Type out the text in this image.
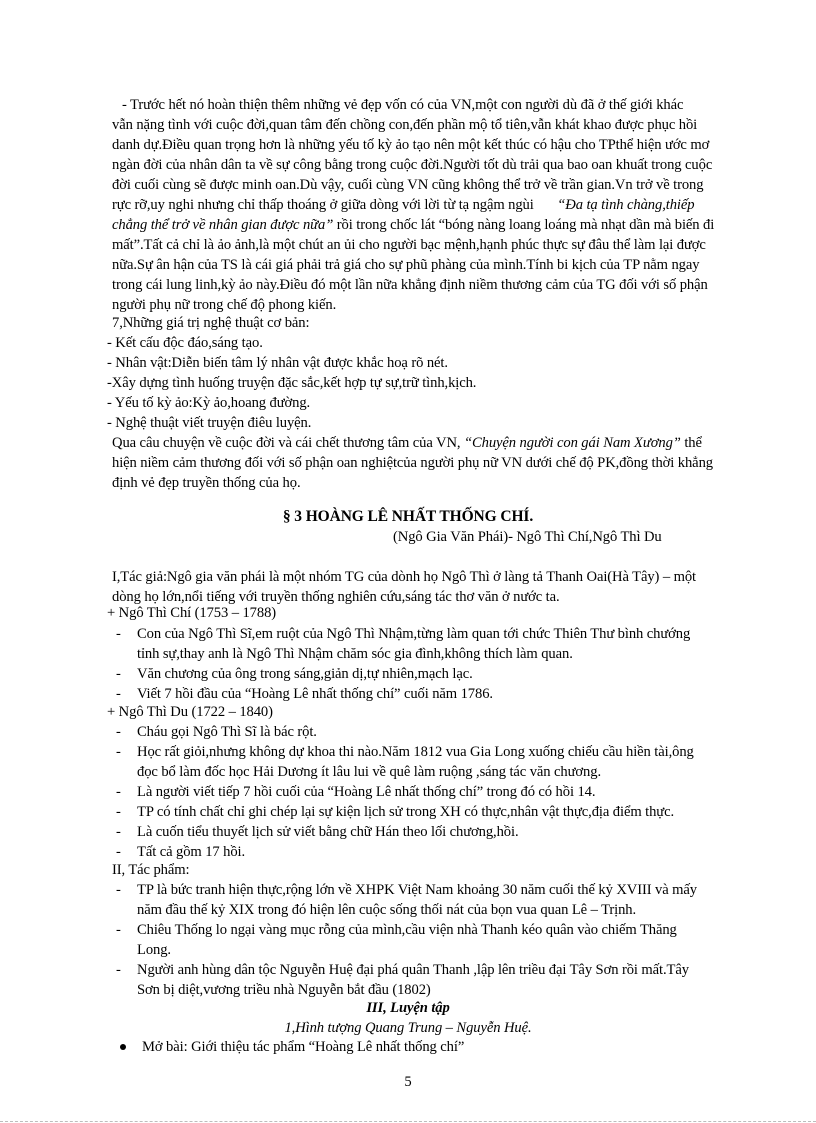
- Trước hết nó hoàn thiện thêm những vẻ đẹp vốn có của VN,một con người dù đã ở thế giới khác
vẫn nặng tình với cuộc đời,quan tâm đến chồng con,đến phần mộ tổ tiên,vẫn khát khao được phục hồi
danh dự.Điều quan trọng hơn là những yếu tố kỳ ảo tạo nên một kết thúc có hậu cho TPthể hiện ước mơ
ngàn đời của nhân dân ta về sự công bằng trong cuộc đời.Người tốt dù trải qua bao oan khuất trong cuộc
đời cuối cùng sẽ được minh oan.Dù vậy, cuối cùng VN cũng không thể trở về trần gian.Vn trở về trong
rực rỡ,uy nghi nhưng chỉ thấp thoáng ở giữa dòng với lời từ tạ ngậm ngùi “Đa tạ tình chàng,thiếp
chẳng thể trở về nhân gian được nữa” rồi trong chốc lát “bóng nàng loang loáng mà nhạt dần mà biến đi
mất”.Tất cả chỉ là ảo ảnh,là một chút an ủi cho người bạc mệnh,hạnh phúc thực sự đâu thể làm lại được
nữa.Sự ân hận của TS là cái giá phải trả giá cho sự phũ phàng của mình.Tính bi kịch của TP nằm ngay
trong cái lung linh,kỳ ảo này.Điều đó một lần nữa khẳng định niềm thương cảm của TG đối với số phận
người phụ nữ trong chế độ phong kiến.
7,Những giá trị nghệ thuật cơ bản:
- Kết cấu độc đáo,sáng tạo.
- Nhân vật:Diễn biến tâm lý nhân vật được khắc hoạ rõ nét.
-Xây dựng tình huống truyện đặc sắc,kết hợp tự sự,trữ tình,kịch.
- Yếu tố kỳ ảo:Kỳ ảo,hoang đường.
- Nghệ thuật viết truyện điêu luyện.
Qua câu chuyện về cuộc đời và cái chết thương tâm của VN, “Chuyện người con gái Nam Xương” thể
hiện niềm cảm thương đối với số phận oan nghiệtcủa người phụ nữ VN dưới chế độ PK,đồng thời khẳng
định vẻ đẹp truyền thống của họ.
§ 3 HOÀNG LÊ NHẤT THỐNG CHÍ.
(Ngô Gia Văn Phái)- Ngô Thì Chí,Ngô Thì Du
I,Tác giả:Ngô gia văn phái là một nhóm TG của dònh họ Ngô Thì ở làng tả Thanh Oai(Hà Tây) – một
dòng họ lớn,nổi tiếng với truyền thống nghiên cứu,sáng tác thơ văn ở nước ta.
+ Ngô Thì Chí (1753 – 1788)
- Con của Ngô Thì Sĩ,em ruột của Ngô Thì Nhậm,từng làm quan tới chức Thiên Thư bình chướng
tỉnh sự,thay anh là Ngô Thì Nhậm chăm sóc gia đình,không thích làm quan.
- Văn chương của ông trong sáng,giản dị,tự nhiên,mạch lạc.
- Viết 7 hồi đầu của “Hoàng Lê nhất thống chí” cuối năm 1786.
+ Ngô Thì Du (1722 – 1840)
- Cháu gọi Ngô Thì Sĩ là bác rột.
- Học rất giỏi,nhưng không dự khoa thi nào.Năm 1812 vua Gia Long xuống chiếu cầu hiền tài,ông
đọc bổ làm đốc học Hải Dương ít lâu lui về quê làm ruộng ,sáng tác văn chương.
- Là người viết tiếp 7 hồi cuối của “Hoàng Lê nhất thống chí” trong đó có hồi 14.
- TP có tính chất chỉ ghi chép lại sự kiện lịch sử trong XH có thực,nhân vật thực,địa điểm thực.
- Là cuốn tiểu thuyết lịch sử viết bằng chữ Hán theo lối chương,hồi.
- Tất cả gồm 17 hồi.
II, Tác phẩm:
- TP là bức tranh hiện thực,rộng lớn về XHPK Việt Nam khoảng 30 năm cuối thế kỷ XVIII và mấy
năm đầu thế kỷ XIX trong đó hiện lên cuộc sống thối nát của bọn vua quan Lê – Trịnh.
- Chiêu Thống lo ngại vàng mục rỗng của mình,cầu viện nhà Thanh kéo quân vào chiếm Thăng
Long.
- Người anh hùng dân tộc Nguyễn Huệ đại phá quân Thanh ,lập lên triều đại Tây Sơn rồi mất.Tây
Sơn bị diệt,vương triều nhà Nguyễn bắt đầu (1802)
III, Luyện tập
1,Hình tượng Quang Trung – Nguyễn Huệ.
Mở bài: Giới thiệu tác phẩm “Hoàng Lê nhất thống chí”
5
